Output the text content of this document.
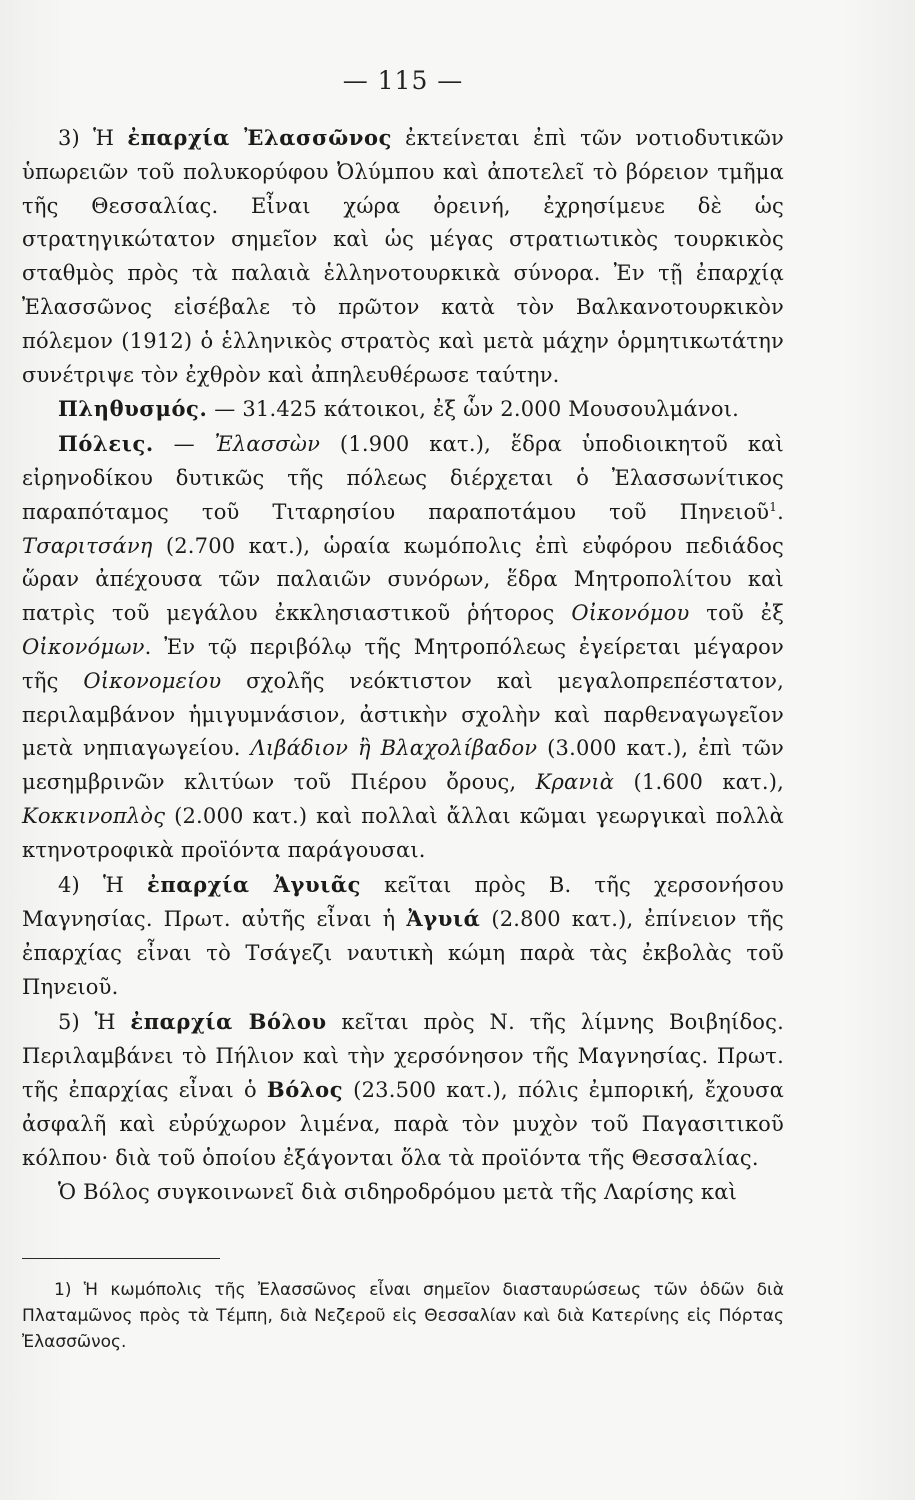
— 115 —

3) Ἡ ἐπαρχία Ἐλασσῶνος ἐκτείνεται ἐπὶ τῶν νοτιοδυτικῶν ὑπωρειῶν τοῦ πολυκορύφου Ὀλύμπου καὶ ἀποτελεῖ τὸ βόρειον τμῆμα τῆς Θεσσαλίας. Εἶναι χώρα ὀρεινή, ἐχρησίμευε δὲ ὡς στρατηγικώτατον σημεῖον καὶ ὡς μέγας στρατιωτικὸς τουρκικὸς σταθμὸς πρὸς τὰ παλαιὰ ἑλληνοτουρκικὰ σύνορα. Ἐν τῇ ἐπαρχίᾳ Ἐλασσῶνος εἰσέβαλε τὸ πρῶτον κατὰ τὸν Βαλκανοτουρκικὸν πόλεμον (1912) ὁ ἑλληνικὸς στρατὸς καὶ μετὰ μάχην ὁρμητικωτάτην συνέτριψε τὸν ἐχθρὸν καὶ ἀπηλευθέρωσε ταύτην.

Πληθυσμός. — 31.425 κάτοικοι, ἐξ ὧν 2.000 Μουσουλμάνοι.

Πόλεις. — Ἐλασσὼν (1.900 κατ.), ἕδρα ὑποδιοικητοῦ καὶ εἰρηνοδίκου δυτικῶς τῆς πόλεως διέρχεται ὁ Ἐλασσωνίτικος παραπόταμος τοῦ Τιταρησίου παραποτάμου τοῦ Πηνειοῦ$^1$. Τσαριτσάνη (2.700 κατ.), ὡραία κωμόπολις ἐπὶ εὐφόρου πεδιάδος ὥραν ἀπέχουσα τῶν παλαιῶν συνόρων, ἕδρα Μητροπολίτου καὶ πατρὶς τοῦ μεγάλου ἐκκλησιαστικοῦ ῥήτορος Οἰκονόμου τοῦ ἐξ Οἰκονόμων. Ἐν τῷ περιβόλῳ τῆς Μητροπόλεως ἐγείρεται μέγαρον τῆς Οἰκονομείου σχολῆς νεόκτιστον καὶ μεγαλοπρεπέστατον, περιλαμβάνον ἡμιγυμνάσιον, ἀστικὴν σχολὴν καὶ παρθεναγωγεῖον μετὰ νηπιαγωγείου. Λιβάδιον ἢ Βλαχολίβαδον (3.000 κατ.), ἐπὶ τῶν μεσημβρινῶν κλιτύων τοῦ Πιέρου ὄρους, Κρανιὰ (1.600 κατ.), Κοκκινοπλὸς (2.000 κατ.) καὶ πολλαὶ ἄλλαι κῶμαι γεωργικαὶ πολλὰ κτηνοτροφικὰ προϊόντα παράγουσαι.

4) Ἡ ἐπαρχία Ἀγυιᾶς κεῖται πρὸς Β. τῆς χερσονήσου Μαγνησίας. Πρωτ. αὐτῆς εἶναι ἡ Ἀγυιά (2.800 κατ.), ἐπίνειον τῆς ἐπαρχίας εἶναι τὸ Τσάγεζι ναυτικὴ κώμη παρὰ τὰς ἐκβολὰς τοῦ Πηνειοῦ.

5) Ἡ ἐπαρχία Βόλου κεῖται πρὸς Ν. τῆς λίμνης Βοιβηίδος. Περιλαμβάνει τὸ Πήλιον καὶ τὴν χερσόνησον τῆς Μαγνησίας. Πρωτ. τῆς ἐπαρχίας εἶναι ὁ Βόλος (23.500 κατ.), πόλις ἐμπορική, ἔχουσα ἀσφαλῆ καὶ εὐρύχωρον λιμένα, παρὰ τὸν μυχὸν τοῦ Παγασιτικοῦ κόλπου· διὰ τοῦ ὁποίου ἐξάγονται ὅλα τὰ προϊόντα τῆς Θεσσαλίας.

Ὁ Βόλος συγκοινωνεῖ διὰ σιδηροδρόμου μετὰ τῆς Λαρίσης καὶ

1) Ἡ κωμόπολις τῆς Ἐλασσῶνος εἶναι σημεῖον διασταυρώσεως τῶν ὁδῶν διὰ Πλαταμῶνος πρὸς τὰ Τέμπη, διὰ Νεζεροῦ εἰς Θεσσαλίαν καὶ διὰ Κατερίνης εἰς Πόρτας Ἐλασσῶνος.
